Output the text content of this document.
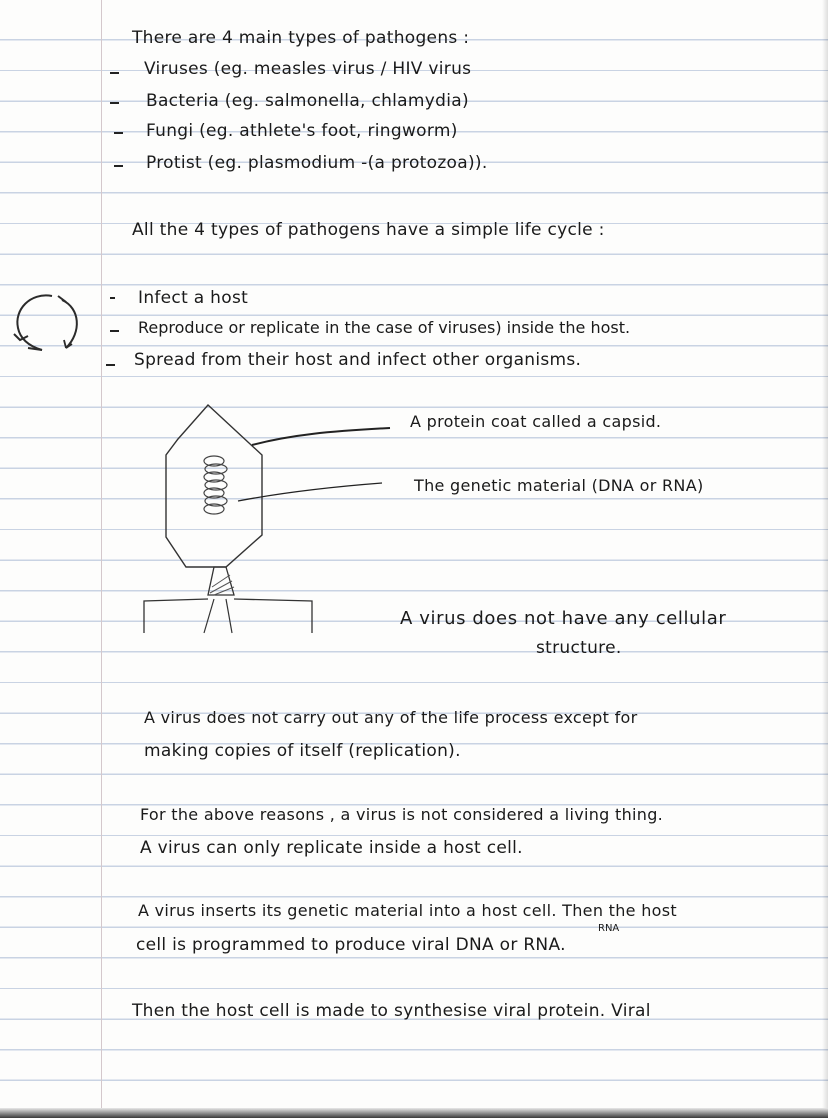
There are 4 main types of pathogens :

Viruses (eg. measles virus / HIV virus

Bacteria (eg. salmonella, chlamydia)

Fungi (eg. athlete's foot, ringworm)

Protist (eg. plasmodium -(a protozoa)).

All the 4 types of pathogens have a simple life cycle :

Infect a host

Reproduce or replicate in the case of viruses) inside the host.

Spread from their host and infect other organisms.

A protein coat called a capsid.

The genetic material (DNA or RNA)

A virus does not have any cellular

structure.

A virus does not carry out any of the life process except for

making copies of itself (replication).

For the above reasons , a virus is not considered a living thing.

A virus can only replicate inside a host cell.

A virus inserts its genetic material into a host cell. Then the host

RNA

cell is programmed to produce viral DNA or RNA.

Then the host cell is made to synthesise viral protein. Viral
